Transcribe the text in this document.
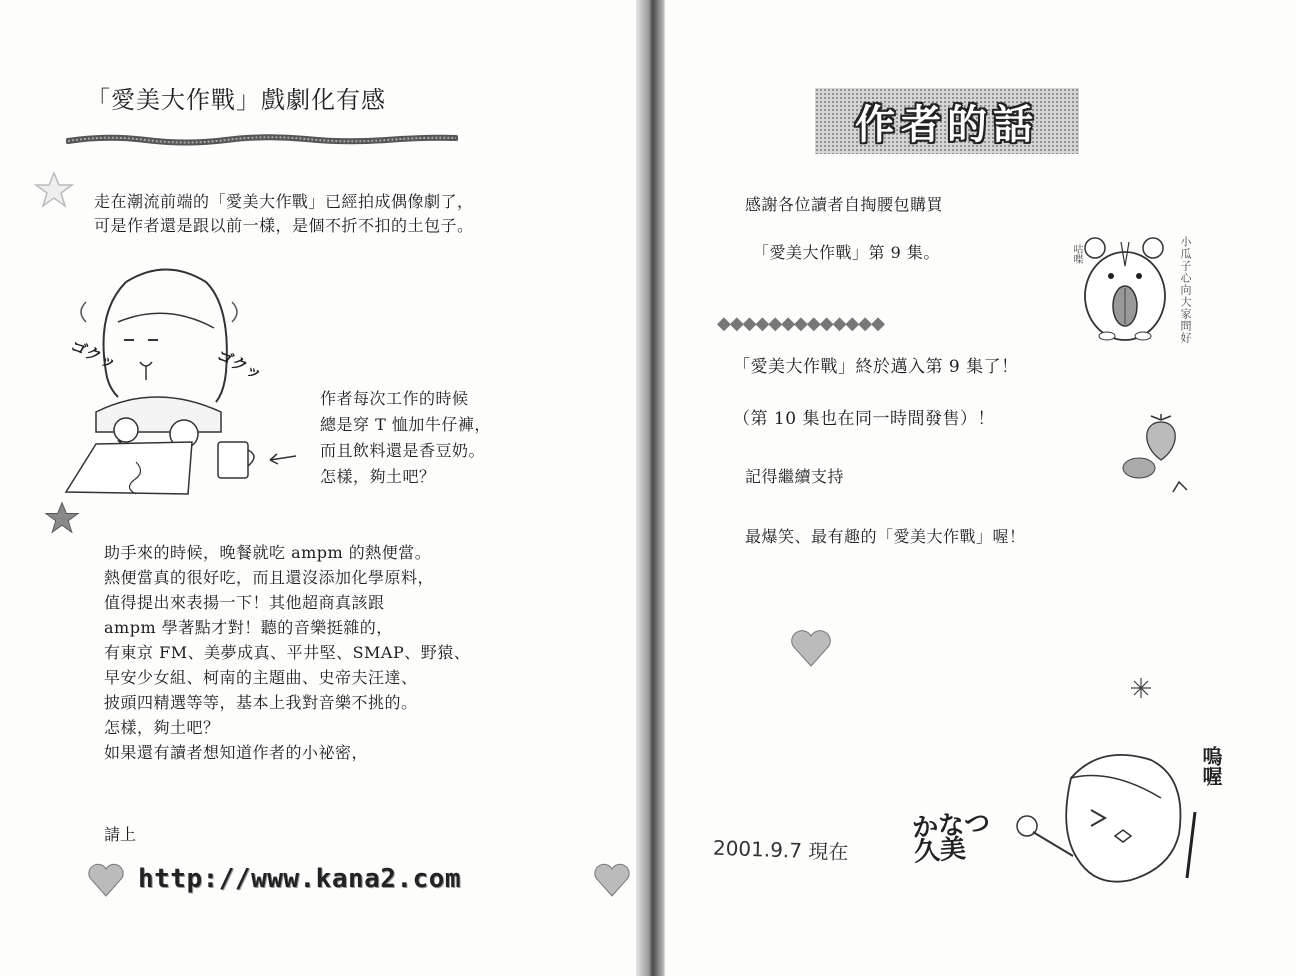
「愛美大作戰」戲劇化有感
走在潮流前端的「愛美大作戰」已經拍成偶像劇了，
可是作者還是跟以前一樣，是個不折不扣的土包子。
ゴクッ	ゴクッ
作者每次工作的時候
總是穿 T 恤加牛仔褲，
而且飲料還是香豆奶。
怎樣，夠土吧？
助手來的時候，晚餐就吃 ampm 的熱便當。
熱便當真的很好吃，而且還沒添加化學原料，
值得提出來表揚一下！其他超商真該跟
ampm 學著點才對！聽的音樂挺雜的，
有東京 FM、美夢成真、平井堅、SMAP、野猿、
早安少女組、柯南的主題曲、史帝夫汪達、
披頭四精選等等，基本上我對音樂不挑的。
怎樣，夠土吧？
如果還有讀者想知道作者的小祕密，
請上
http://www.kana2.com
作者的話
感謝各位讀者自掏腰包購買
「愛美大作戰」第 9 集。	咕喋	小瓜子心向大家問好
◆◆◆◆◆◆◆◆◆◆◆◆◆
「愛美大作戰」終於邁入第 9 集了！
（第 10 集也在同一時間發售）！
記得繼續支持
最爆笑、最有趣的「愛美大作戰」喔！
嗚喔
2001.9.7 現在
かなつ
久美
